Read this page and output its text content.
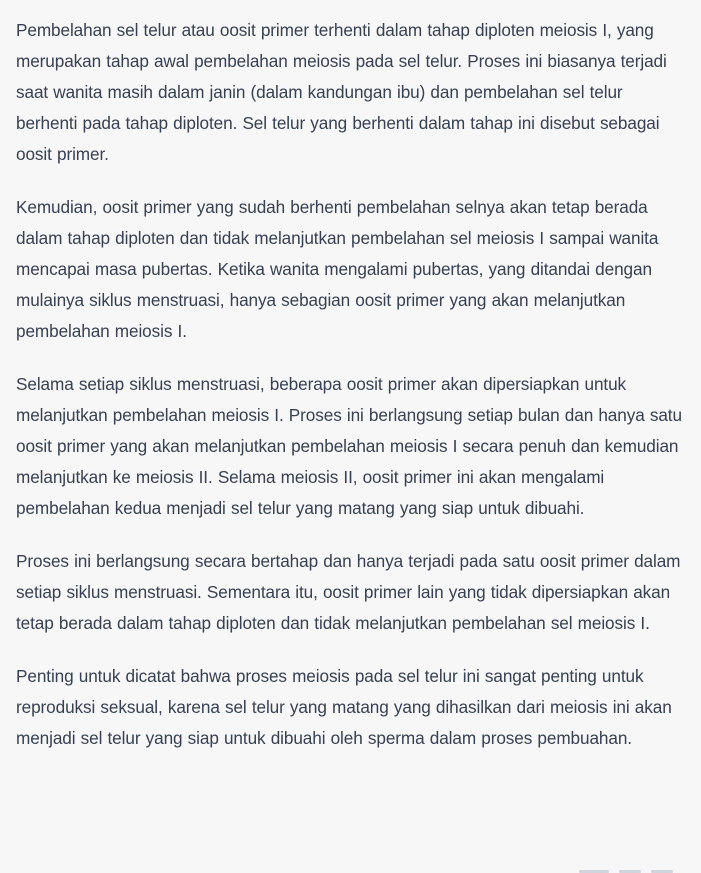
Pembelahan sel telur atau oosit primer terhenti dalam tahap diploten meiosis I, yang merupakan tahap awal pembelahan meiosis pada sel telur. Proses ini biasanya terjadi saat wanita masih dalam janin (dalam kandungan ibu) dan pembelahan sel telur berhenti pada tahap diploten. Sel telur yang berhenti dalam tahap ini disebut sebagai oosit primer.

Kemudian, oosit primer yang sudah berhenti pembelahan selnya akan tetap berada dalam tahap diploten dan tidak melanjutkan pembelahan sel meiosis I sampai wanita mencapai masa pubertas. Ketika wanita mengalami pubertas, yang ditandai dengan mulainya siklus menstruasi, hanya sebagian oosit primer yang akan melanjutkan pembelahan meiosis I.

Selama setiap siklus menstruasi, beberapa oosit primer akan dipersiapkan untuk melanjutkan pembelahan meiosis I. Proses ini berlangsung setiap bulan dan hanya satu oosit primer yang akan melanjutkan pembelahan meiosis I secara penuh dan kemudian melanjutkan ke meiosis II. Selama meiosis II, oosit primer ini akan mengalami pembelahan kedua menjadi sel telur yang matang yang siap untuk dibuahi.

Proses ini berlangsung secara bertahap dan hanya terjadi pada satu oosit primer dalam setiap siklus menstruasi. Sementara itu, oosit primer lain yang tidak dipersiapkan akan tetap berada dalam tahap diploten dan tidak melanjutkan pembelahan sel meiosis I.

Penting untuk dicatat bahwa proses meiosis pada sel telur ini sangat penting untuk reproduksi seksual, karena sel telur yang matang yang dihasilkan dari meiosis ini akan menjadi sel telur yang siap untuk dibuahi oleh sperma dalam proses pembuahan.
